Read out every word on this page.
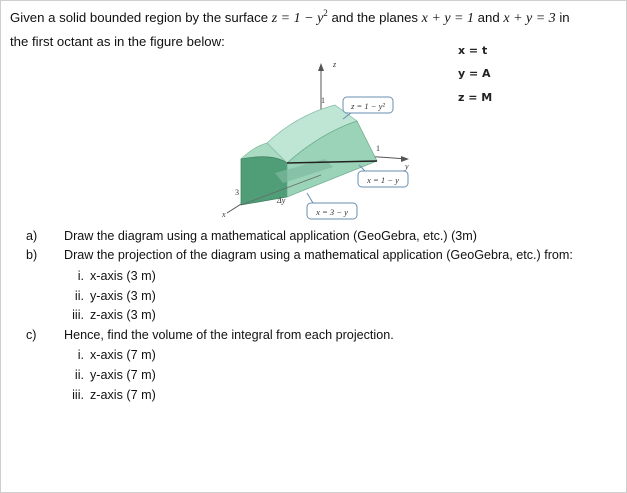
Given a solid bounded region by the surface $z = 1 - y^2$ and the planes x + y = 1 and x + y = 3 in
the first octant as in the figure below:
x = t
y = A
z = M
z = 1 − y²
x = 1 − y
x = 3 − y
z
y
x
1
1
3
Δy
a) Draw the diagram using a mathematical application (GeoGebra, etc.) (3m)
b) Draw the projection of the diagram using a mathematical application (GeoGebra, etc.) from:
i. x-axis (3 m)
ii. y-axis (3 m)
iii. z-axis (3 m)
c) Hence, find the volume of the integral from each projection.
i. x-axis (7 m)
ii. y-axis (7 m)
iii. z-axis (7 m)
